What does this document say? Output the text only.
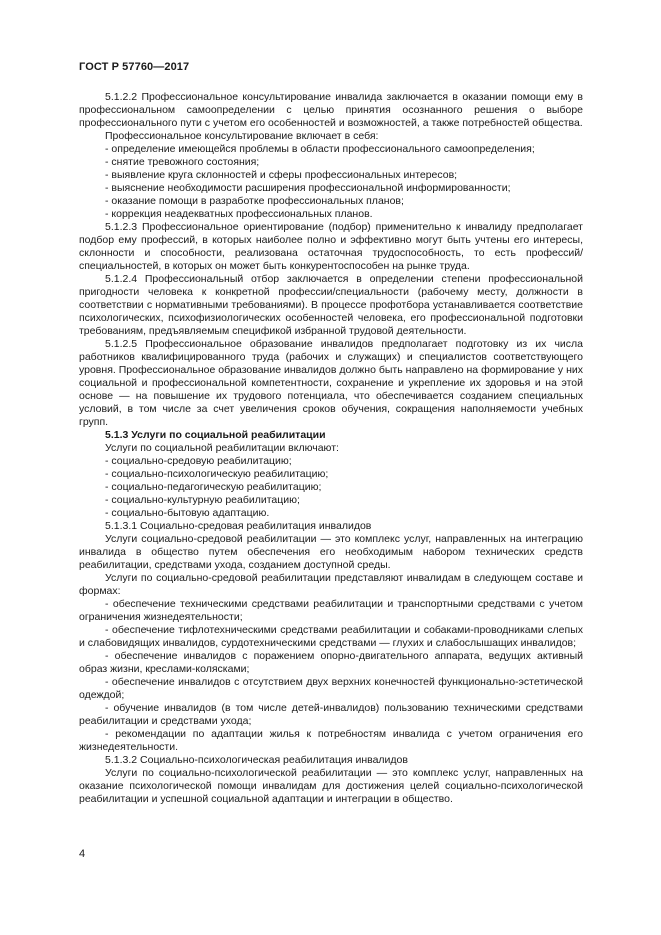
ГОСТ Р 57760—2017

5.1.2.2 Профессиональное консультирование инвалида заключается в оказании помощи ему в профессиональном самоопределении с целью принятия осознанного решения о выборе профессионального пути с учетом его особенностей и возможностей, а также потребностей общества.

Профессиональное консультирование включает в себя:

- определение имеющейся проблемы в области профессионального самоопределения;

- снятие тревожного состояния;

- выявление круга склонностей и сферы профессиональных интересов;

- выяснение необходимости расширения профессиональной информированности;

- оказание помощи в разработке профессиональных планов;

- коррекция неадекватных профессиональных планов.

5.1.2.3 Профессиональное ориентирование (подбор) применительно к инвалиду предполагает подбор ему профессий, в которых наиболее полно и эффективно могут быть учтены его интересы, склонности и способности, реализована остаточная трудоспособность, то есть профессий/специальностей, в которых он может быть конкурентоспособен на рынке труда.

5.1.2.4 Профессиональный отбор заключается в определении степени профессиональной пригодности человека к конкретной профессии/специальности (рабочему месту, должности в соответствии с нормативными требованиями). В процессе профотбора устанавливается соответствие психологических, психофизиологических особенностей человека, его профессиональной подготовки требованиям, предъявляемым спецификой избранной трудовой деятельности.

5.1.2.5 Профессиональное образование инвалидов предполагает подготовку из их числа работников квалифицированного труда (рабочих и служащих) и специалистов соответствующего уровня. Профессиональное образование инвалидов должно быть направлено на формирование у них социальной и профессиональной компетентности, сохранение и укрепление их здоровья и на этой основе — на повышение их трудового потенциала, что обеспечивается созданием специальных условий, в том числе за счет увеличения сроков обучения, сокращения наполняемости учебных групп.

5.1.3 Услуги по социальной реабилитации

Услуги по социальной реабилитации включают:

- социально-средовую реабилитацию;

- социально-психологическую реабилитацию;

- социально-педагогическую реабилитацию;

- социально-культурную реабилитацию;

- социально-бытовую адаптацию.

5.1.3.1 Социально-средовая реабилитация инвалидов

Услуги социально-средовой реабилитации — это комплекс услуг, направленных на интеграцию инвалида в общество путем обеспечения его необходимым набором технических средств реабилитации, средствами ухода, созданием доступной среды.

Услуги по социально-средовой реабилитации представляют инвалидам в следующем составе и формах:

- обеспечение техническими средствами реабилитации и транспортными средствами с учетом ограничения жизнедеятельности;

- обеспечение тифлотехническими средствами реабилитации и собаками-проводниками слепых и слабовидящих инвалидов, сурдотехническими средствами — глухих и слабослышащих инвалидов;

- обеспечение инвалидов с поражением опорно-двигательного аппарата, ведущих активный образ жизни, креслами-колясками;

- обеспечение инвалидов с отсутствием двух верхних конечностей функционально-эстетической одеждой;

- обучение инвалидов (в том числе детей-инвалидов) пользованию техническими средствами реабилитации и средствами ухода;

- рекомендации по адаптации жилья к потребностям инвалида с учетом ограничения его жизнедеятельности.

5.1.3.2 Социально-психологическая реабилитация инвалидов

Услуги по социально-психологической реабилитации — это комплекс услуг, направленных на оказание психологической помощи инвалидам для достижения целей социально-психологической реабилитации и успешной социальной адаптации и интеграции в общество.

4
